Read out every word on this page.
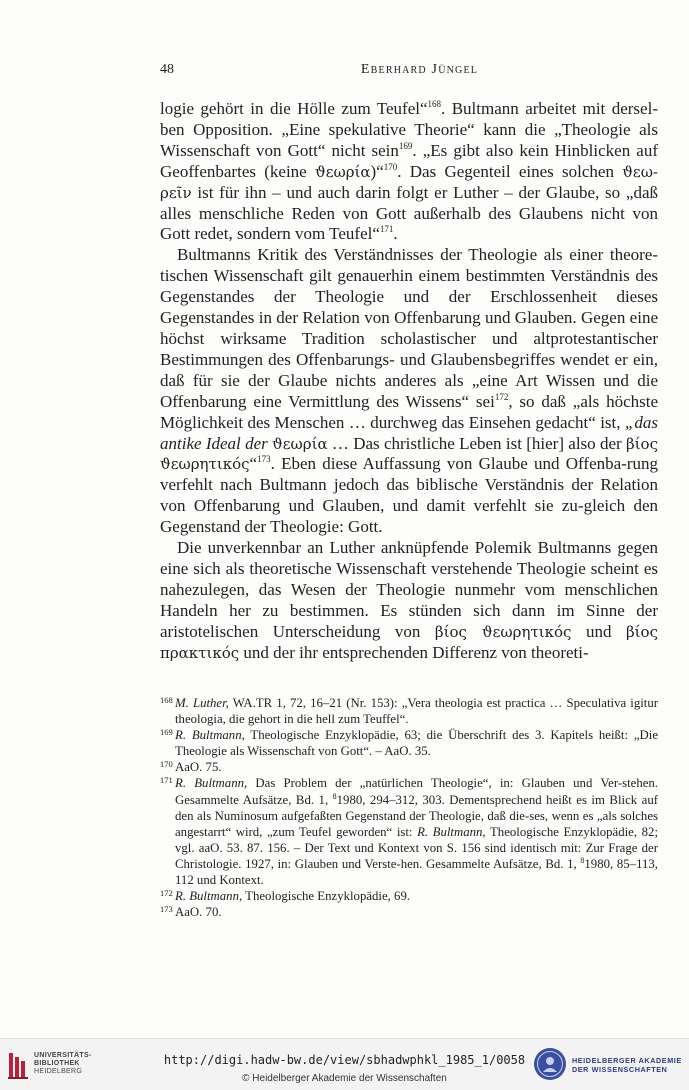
48	Eberhard Jüngel

logie gehört in die Hölle zum Teufel“$^{168}$. Bultmann arbeitet mit dersel-ben Opposition. „Eine spekulative Theorie“ kann die „Theologie als Wissenschaft von Gott“ nicht sein$^{169}$. „Es gibt also kein Hinblicken auf Geoffenbartes (keine ϑεωρία)“$^{170}$. Das Gegenteil eines solchen ϑεω-ρεῖν ist für ihn – und auch darin folgt er Luther – der Glaube, so „daß alles menschliche Reden von Gott außerhalb des Glaubens nicht von Gott redet, sondern vom Teufel“$^{171}$.

Bultmanns Kritik des Verständnisses der Theologie als einer theore-tischen Wissenschaft gilt genauerhin einem bestimmten Verständnis des Gegenstandes der Theologie und der Erschlossenheit dieses Gegenstandes in der Relation von Offenbarung und Glauben. Gegen eine höchst wirksame Tradition scholastischer und altprotestantischer Bestimmungen des Offenbarungs- und Glaubensbegriffes wendet er ein, daß für sie der Glaube nichts anderes als „eine Art Wissen und die Offenbarung eine Vermittlung des Wissens“ sei$^{172}$, so daß „als höchste Möglichkeit des Menschen … durchweg das Einsehen gedacht“ ist, „das antike Ideal der ϑεωρία … Das christliche Leben ist [hier] also der βίος ϑεωρητικός“$^{173}$. Eben diese Auffassung von Glaube und Offenba-rung verfehlt nach Bultmann jedoch das biblische Verständnis der Relation von Offenbarung und Glauben, und damit verfehlt sie zu-gleich den Gegenstand der Theologie: Gott.

Die unverkennbar an Luther anknüpfende Polemik Bultmanns gegen eine sich als theoretische Wissenschaft verstehende Theologie scheint es nahezulegen, das Wesen der Theologie nunmehr vom menschlichen Handeln her zu bestimmen. Es stünden sich dann im Sinne der aristotelischen Unterscheidung von βίος ϑεωρητικός und βίος πρακτικός und der ihr entsprechenden Differenz von theoreti-

168 M. Luther, WA.TR 1, 72, 16–21 (Nr. 153): „Vera theologia est practica … Speculativa igitur theologia, die gehort in die hell zum Teuffel“.
169 R. Bultmann, Theologische Enzyklopädie, 63; die Überschrift des 3. Kapitels heißt: „Die Theologie als Wissenschaft von Gott“. – AaO. 35.
170 AaO. 75.
171 R. Bultmann, Das Problem der „natürlichen Theologie“, in: Glauben und Ver-stehen. Gesammelte Aufsätze, Bd. 1, $^8$1980, 294–312, 303. Dementsprechend heißt es im Blick auf den als Numinosum aufgefaßten Gegenstand der Theologie, daß die-ses, wenn es „als solches angestarrt“ wird, „zum Teufel geworden“ ist: R. Bultmann, Theologische Enzyklopädie, 82; vgl. aaO. 53. 87. 156. – Der Text und Kontext von S. 156 sind identisch mit: Zur Frage der Christologie. 1927, in: Glauben und Verste-hen. Gesammelte Aufsätze, Bd. 1, $^8$1980, 85–113, 112 und Kontext.
172 R. Bultmann, Theologische Enzyklopädie, 69.
173 AaO. 70.
UNIVERSITÄTS-
BIBLIOTHEK
HEIDELBERG
http://digi.hadw-bw.de/view/sbhadwphkl_1985_1/0058
© Heidelberger Akademie der Wissenschaften
HEIDELBERGER AKADEMIE
DER WISSENSCHAFTEN
